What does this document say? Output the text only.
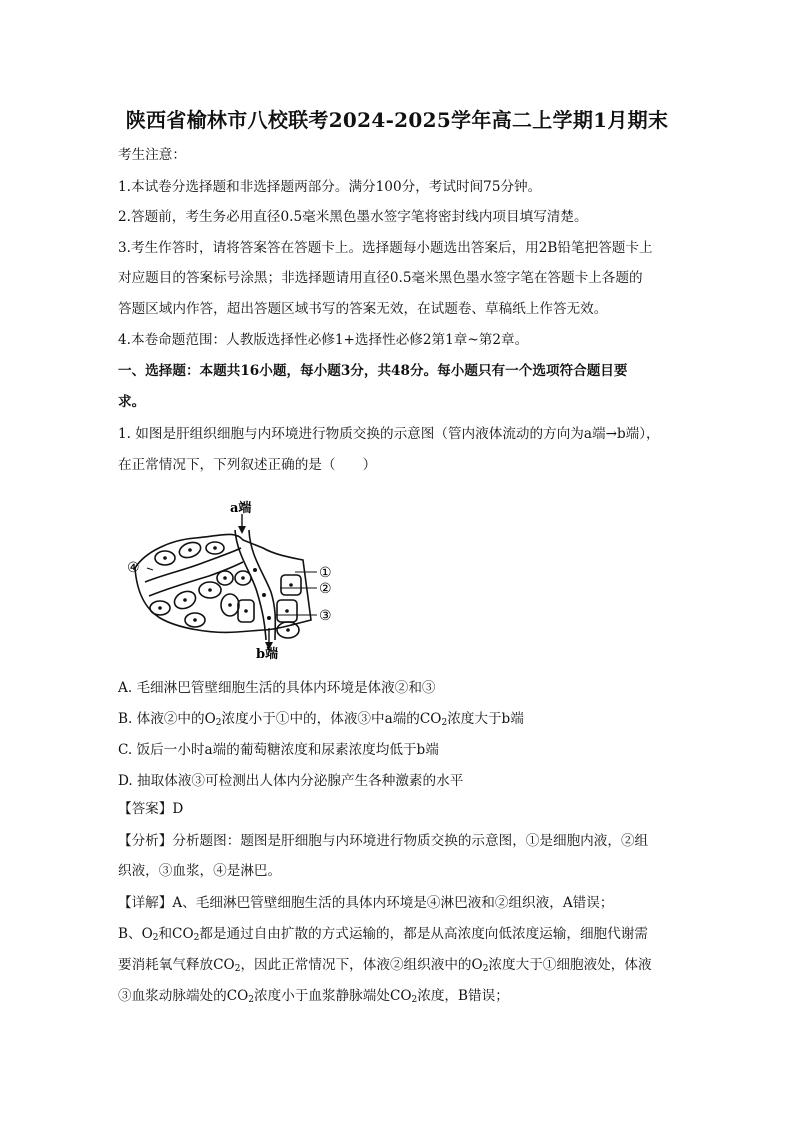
陕西省榆林市八校联考2024-2025学年高二上学期1月期末
考生注意：
1.本试卷分选择题和非选择题两部分。满分100分，考试时间75分钟。
2.答题前，考生务必用直径0.5毫米黑色墨水签字笔将密封线内项目填写清楚。
3.考生作答时，请将答案答在答题卡上。选择题每小题选出答案后，用2B铅笔把答题卡上
对应题目的答案标号涂黑；非选择题请用直径0.5毫米黑色墨水签字笔在答题卡上各题的
答题区域内作答，超出答题区域书写的答案无效，在试题卷、草稿纸上作答无效。
4.本卷命题范围：人教版选择性必修1+选择性必修2第1章~第2章。
一、选择题：本题共16小题，每小题3分，共48分。每小题只有一个选项符合题目要
求。
1. 如图是肝组织细胞与内环境进行物质交换的示意图（管内液体流动的方向为a端→b端），
在正常情况下，下列叙述正确的是（　　）
a端
b端
④	①
②
③
A. 毛细淋巴管壁细胞生活的具体内环境是体液②和③
B. 体液②中的$O_2$浓度小于①中的，体液③中a端的$CO_2$浓度大于b端
C. 饭后一小时a端的葡萄糖浓度和尿素浓度均低于b端
D. 抽取体液③可检测出人体内分泌腺产生各种激素的水平
【答案】D
【分析】分析题图：题图是肝细胞与内环境进行物质交换的示意图，①是细胞内液，②组
织液，③血浆，④是淋巴。
【详解】A、毛细淋巴管壁细胞生活的具体内环境是④淋巴液和②组织液，A错误；
B、$O_2$和$CO_2$都是通过自由扩散的方式运输的，都是从高浓度向低浓度运输，细胞代谢需
要消耗氧气释放$CO_2$，因此正常情况下，体液②组织液中的$O_2$浓度大于①细胞液处，体液
③血浆动脉端处的$CO_2$浓度小于血浆静脉端处$CO_2$浓度，B错误；
